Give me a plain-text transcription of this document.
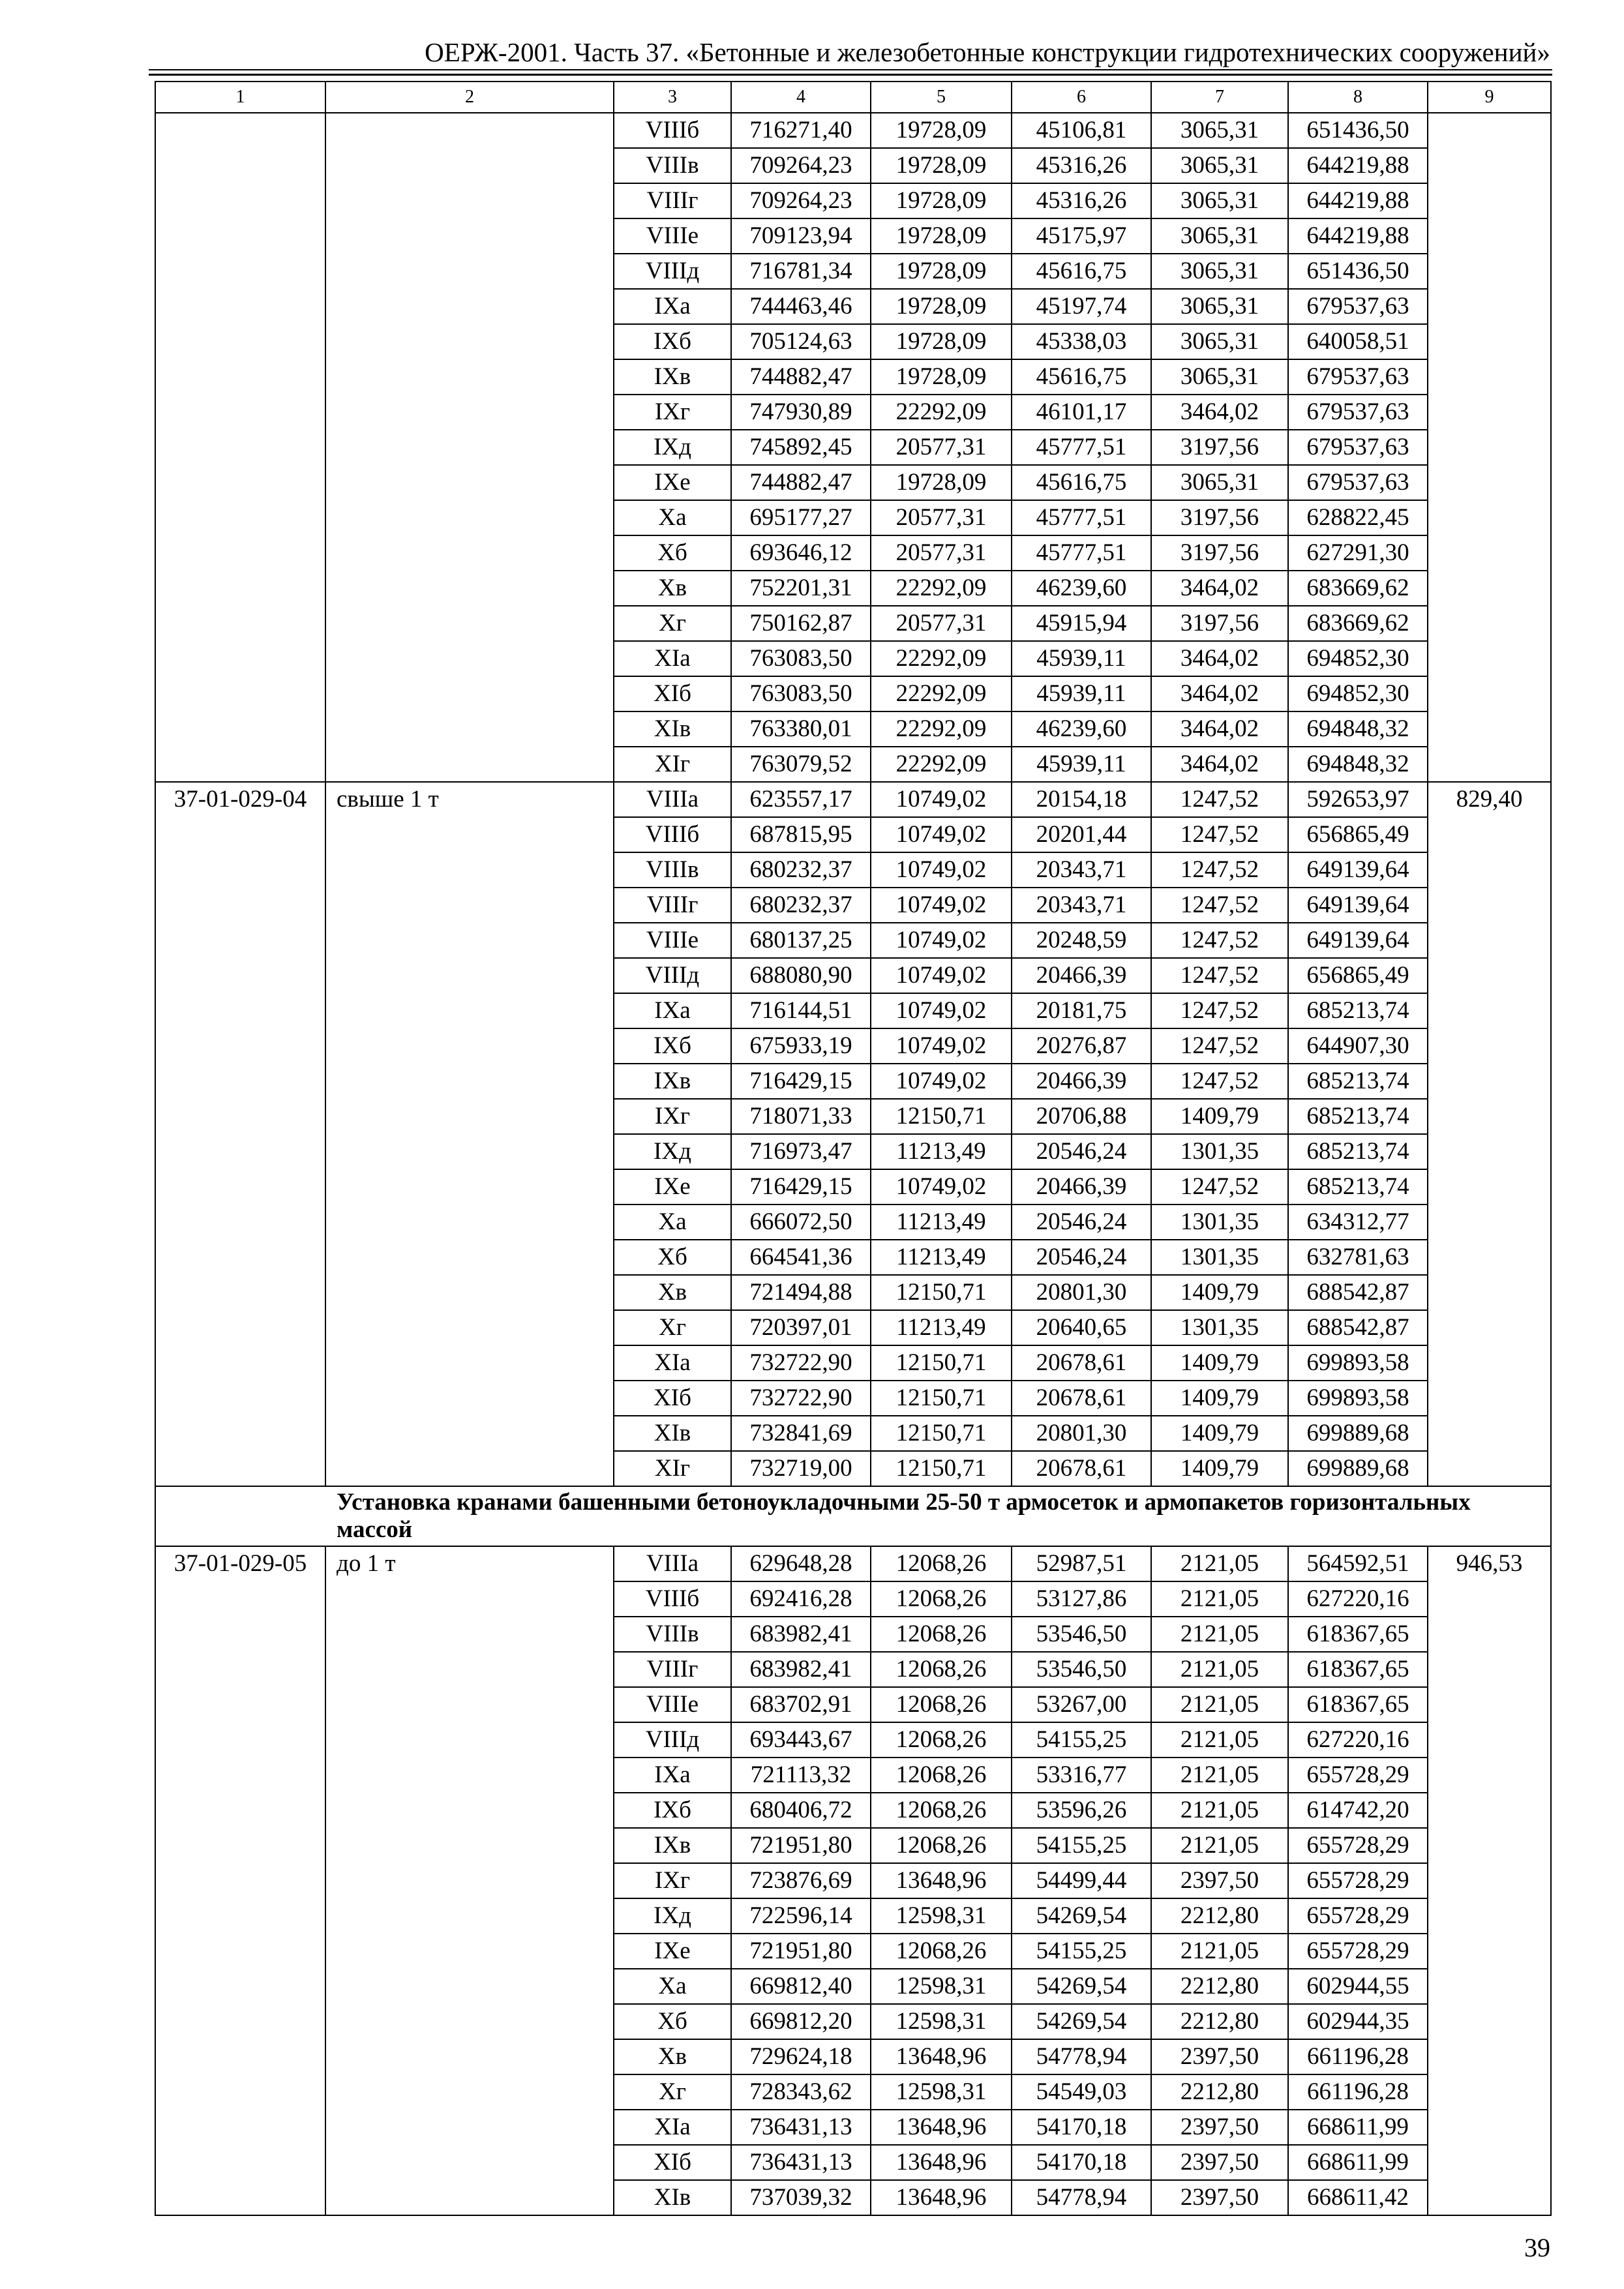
ОЕРЖ-2001. Часть 37. «Бетонные и железобетонные конструкции гидротехнических сооружений»
1	2	3	4	5	6	7	8	9
		VIIIб	716271,40	19728,09	45106,81	3065,31	651436,50	
		VIIIв	709264,23	19728,09	45316,26	3065,31	644219,88	
		VIIIг	709264,23	19728,09	45316,26	3065,31	644219,88	
		VIIIе	709123,94	19728,09	45175,97	3065,31	644219,88	
		VIIIд	716781,34	19728,09	45616,75	3065,31	651436,50	
		IXа	744463,46	19728,09	45197,74	3065,31	679537,63	
		IXб	705124,63	19728,09	45338,03	3065,31	640058,51	
		IXв	744882,47	19728,09	45616,75	3065,31	679537,63	
		IXг	747930,89	22292,09	46101,17	3464,02	679537,63	
		IXд	745892,45	20577,31	45777,51	3197,56	679537,63	
		IXе	744882,47	19728,09	45616,75	3065,31	679537,63	
		Xа	695177,27	20577,31	45777,51	3197,56	628822,45	
		Xб	693646,12	20577,31	45777,51	3197,56	627291,30	
		Xв	752201,31	22292,09	46239,60	3464,02	683669,62	
		Xг	750162,87	20577,31	45915,94	3197,56	683669,62	
		XIа	763083,50	22292,09	45939,11	3464,02	694852,30	
		XIб	763083,50	22292,09	45939,11	3464,02	694852,30	
		XIв	763380,01	22292,09	46239,60	3464,02	694848,32	
		XIг	763079,52	22292,09	45939,11	3464,02	694848,32	
37-01-029-04	свыше 1 т	VIIIа	623557,17	10749,02	20154,18	1247,52	592653,97	829,40
		VIIIб	687815,95	10749,02	20201,44	1247,52	656865,49	
		VIIIв	680232,37	10749,02	20343,71	1247,52	649139,64	
		VIIIг	680232,37	10749,02	20343,71	1247,52	649139,64	
		VIIIе	680137,25	10749,02	20248,59	1247,52	649139,64	
		VIIIд	688080,90	10749,02	20466,39	1247,52	656865,49	
		IXа	716144,51	10749,02	20181,75	1247,52	685213,74	
		IXб	675933,19	10749,02	20276,87	1247,52	644907,30	
		IXв	716429,15	10749,02	20466,39	1247,52	685213,74	
		IXг	718071,33	12150,71	20706,88	1409,79	685213,74	
		IXд	716973,47	11213,49	20546,24	1301,35	685213,74	
		IXе	716429,15	10749,02	20466,39	1247,52	685213,74	
		Xа	666072,50	11213,49	20546,24	1301,35	634312,77	
		Xб	664541,36	11213,49	20546,24	1301,35	632781,63	
		Xв	721494,88	12150,71	20801,30	1409,79	688542,87	
		Xг	720397,01	11213,49	20640,65	1301,35	688542,87	
		XIа	732722,90	12150,71	20678,61	1409,79	699893,58	
		XIб	732722,90	12150,71	20678,61	1409,79	699893,58	
		XIв	732841,69	12150,71	20801,30	1409,79	699889,68	
		XIг	732719,00	12150,71	20678,61	1409,79	699889,68	
Установка кранами башенными бетоноукладочными 25-50 т армосеток и армопакетов горизонтальных массой								
37-01-029-05	до 1 т	VIIIа	629648,28	12068,26	52987,51	2121,05	564592,51	946,53
		VIIIб	692416,28	12068,26	53127,86	2121,05	627220,16	
		VIIIв	683982,41	12068,26	53546,50	2121,05	618367,65	
		VIIIг	683982,41	12068,26	53546,50	2121,05	618367,65	
		VIIIе	683702,91	12068,26	53267,00	2121,05	618367,65	
		VIIIд	693443,67	12068,26	54155,25	2121,05	627220,16	
		IXа	721113,32	12068,26	53316,77	2121,05	655728,29	
		IXб	680406,72	12068,26	53596,26	2121,05	614742,20	
		IXв	721951,80	12068,26	54155,25	2121,05	655728,29	
		IXг	723876,69	13648,96	54499,44	2397,50	655728,29	
		IXд	722596,14	12598,31	54269,54	2212,80	655728,29	
		IXе	721951,80	12068,26	54155,25	2121,05	655728,29	
		Xа	669812,40	12598,31	54269,54	2212,80	602944,55	
		Xб	669812,20	12598,31	54269,54	2212,80	602944,35	
		Xв	729624,18	13648,96	54778,94	2397,50	661196,28	
		Xг	728343,62	12598,31	54549,03	2212,80	661196,28	
		XIа	736431,13	13648,96	54170,18	2397,50	668611,99	
		XIб	736431,13	13648,96	54170,18	2397,50	668611,99	
		XIв	737039,32	13648,96	54778,94	2397,50	668611,42	
39
